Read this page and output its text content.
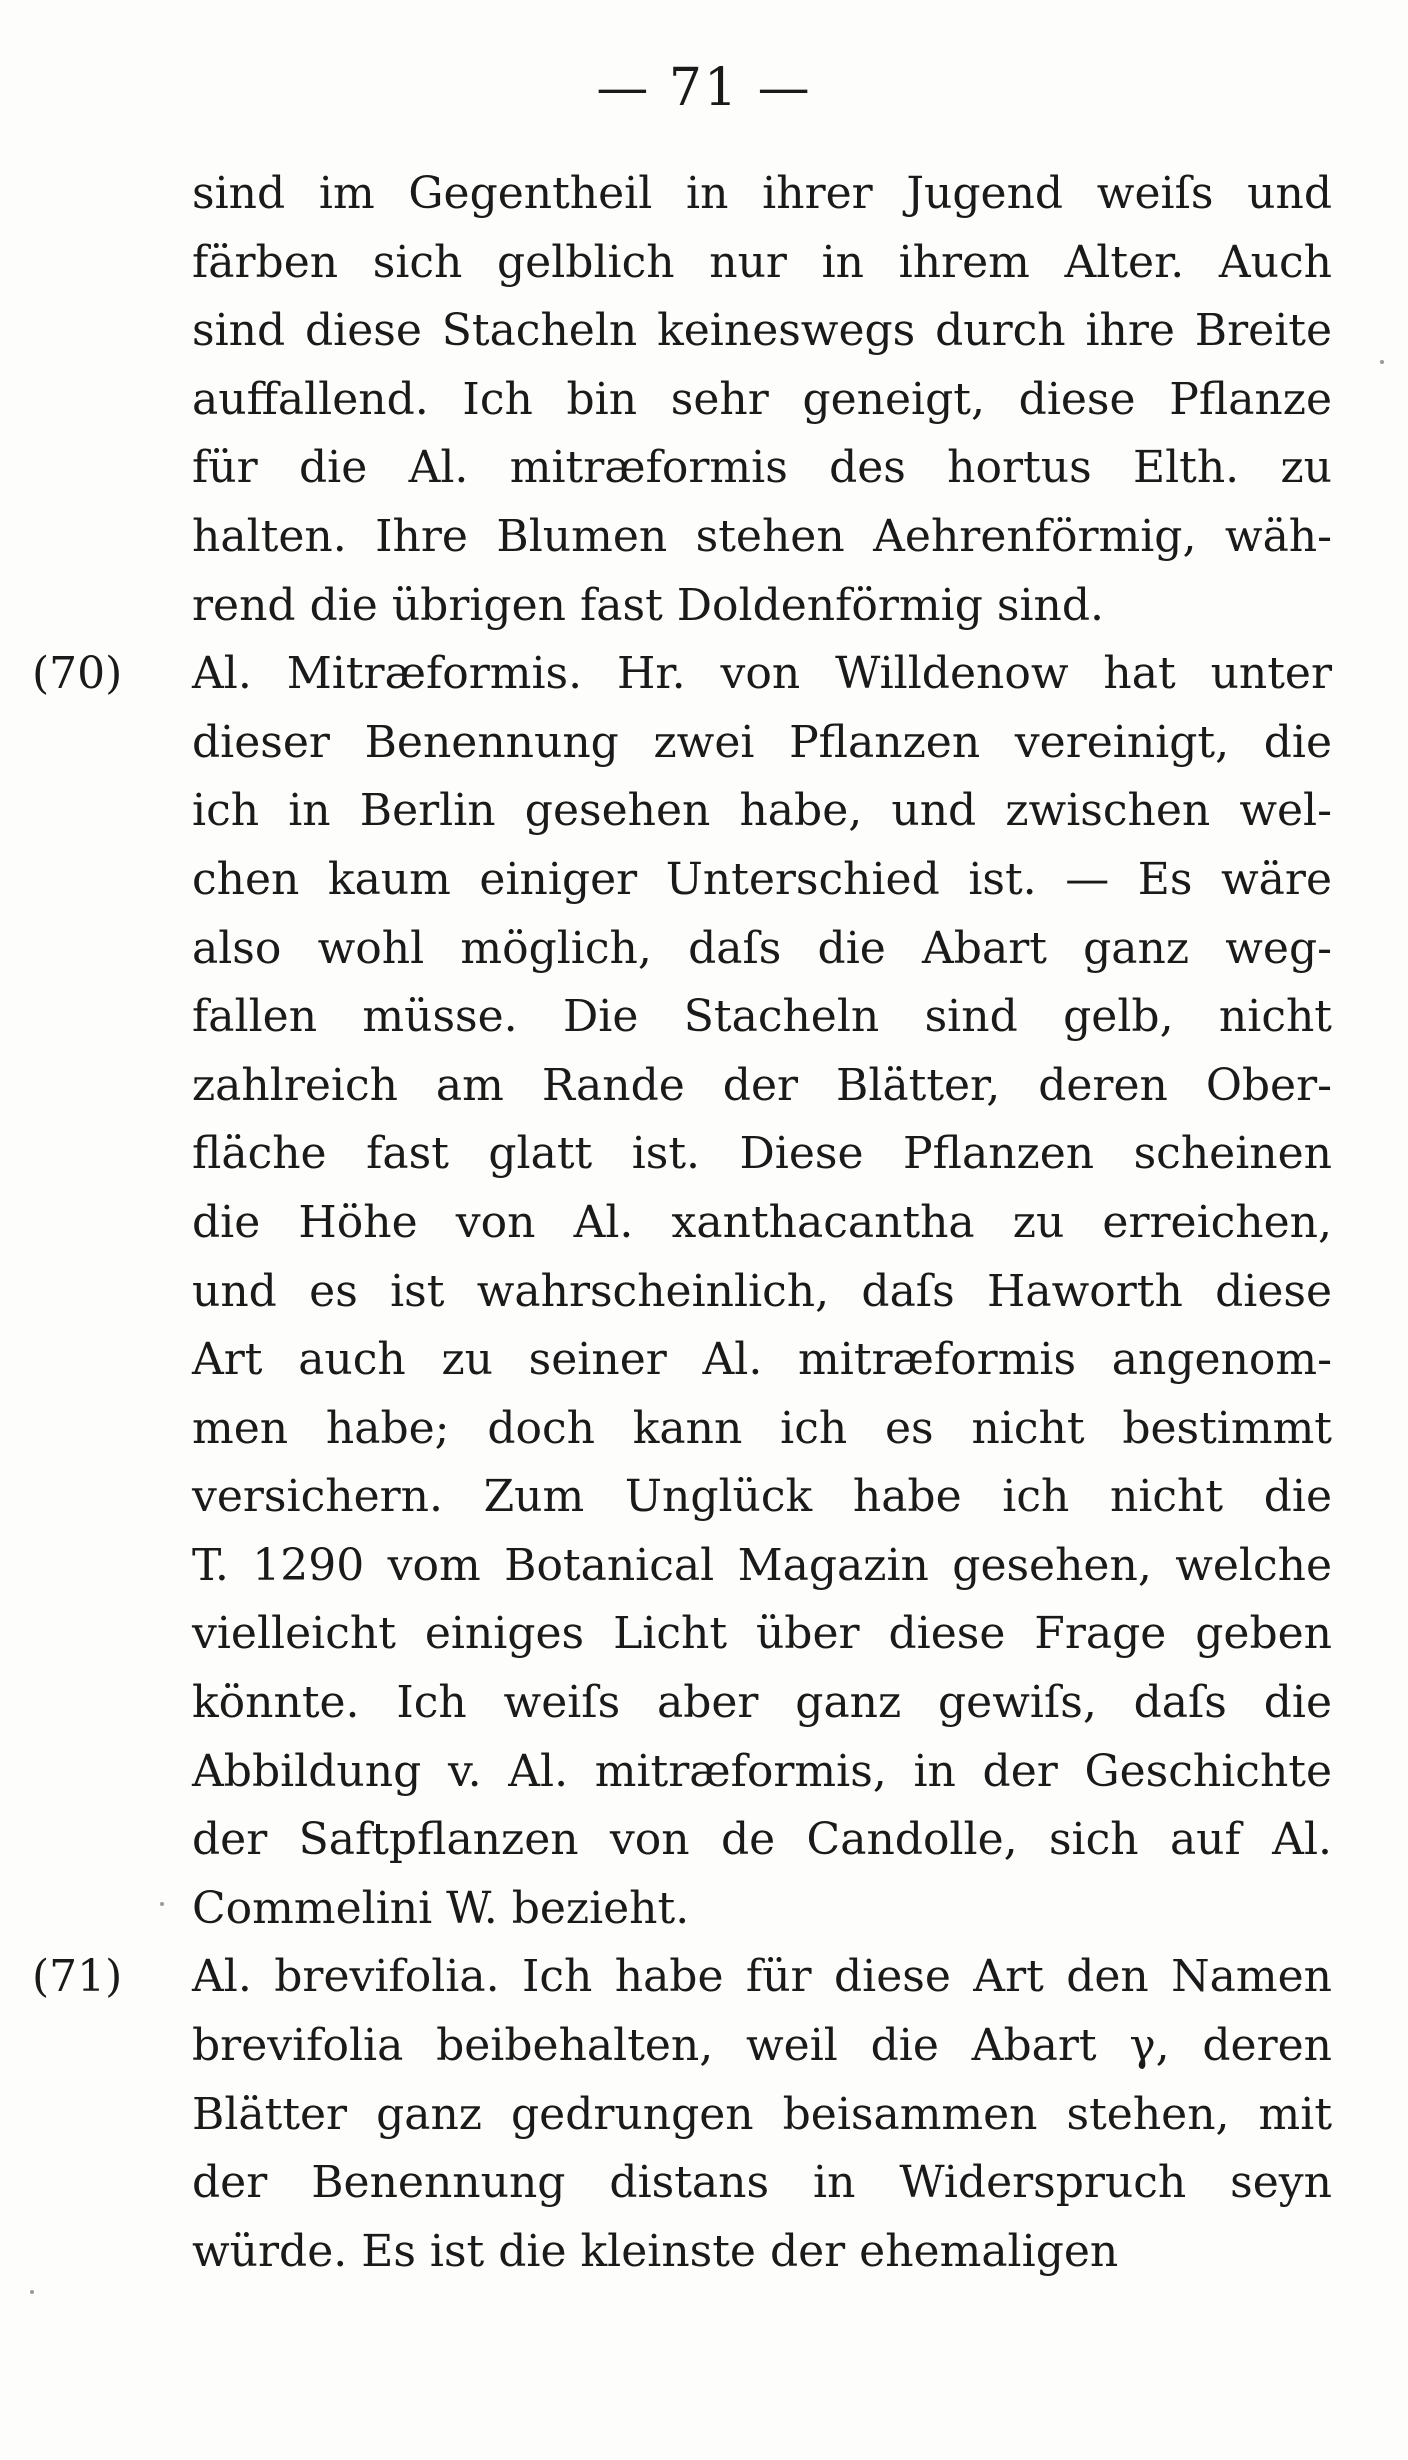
— 71 —
sind im Gegentheil in ihrer Jugend weiſs und
färben sich gelblich nur in ihrem Alter. Auch
sind diese Stacheln keineswegs durch ihre Breite
auffallend. Ich bin sehr geneigt, diese Pflanze
für die Al. mitræformis des hortus Elth. zu
halten. Ihre Blumen stehen Aehrenförmig, wäh-
rend die übrigen fast Doldenförmig sind.
(70) Al. Mitræformis. Hr. von Willdenow hat unter
dieser Benennung zwei Pflanzen vereinigt, die
ich in Berlin gesehen habe, und zwischen wel-
chen kaum einiger Unterschied ist. — Es wäre
also wohl möglich, daſs die Abart ganz weg-
fallen müsse. Die Stacheln sind gelb, nicht
zahlreich am Rande der Blätter, deren Ober-
fläche fast glatt ist. Diese Pflanzen scheinen
die Höhe von Al. xanthacantha zu erreichen,
und es ist wahrscheinlich, daſs Haworth diese
Art auch zu seiner Al. mitræformis angenom-
men habe; doch kann ich es nicht bestimmt
versichern. Zum Unglück habe ich nicht die
T. 1290 vom Botanical Magazin gesehen, welche
vielleicht einiges Licht über diese Frage geben
könnte. Ich weiſs aber ganz gewiſs, daſs die
Abbildung v. Al. mitræformis, in der Geschichte
der Saftpflanzen von de Candolle, sich auf Al.
Commelini W. bezieht.
(71) Al. brevifolia. Ich habe für diese Art den Namen
brevifolia beibehalten, weil die Abart γ, deren
Blätter ganz gedrungen beisammen stehen, mit
der Benennung distans in Widerspruch seyn
würde. Es ist die kleinste der ehemaligen
